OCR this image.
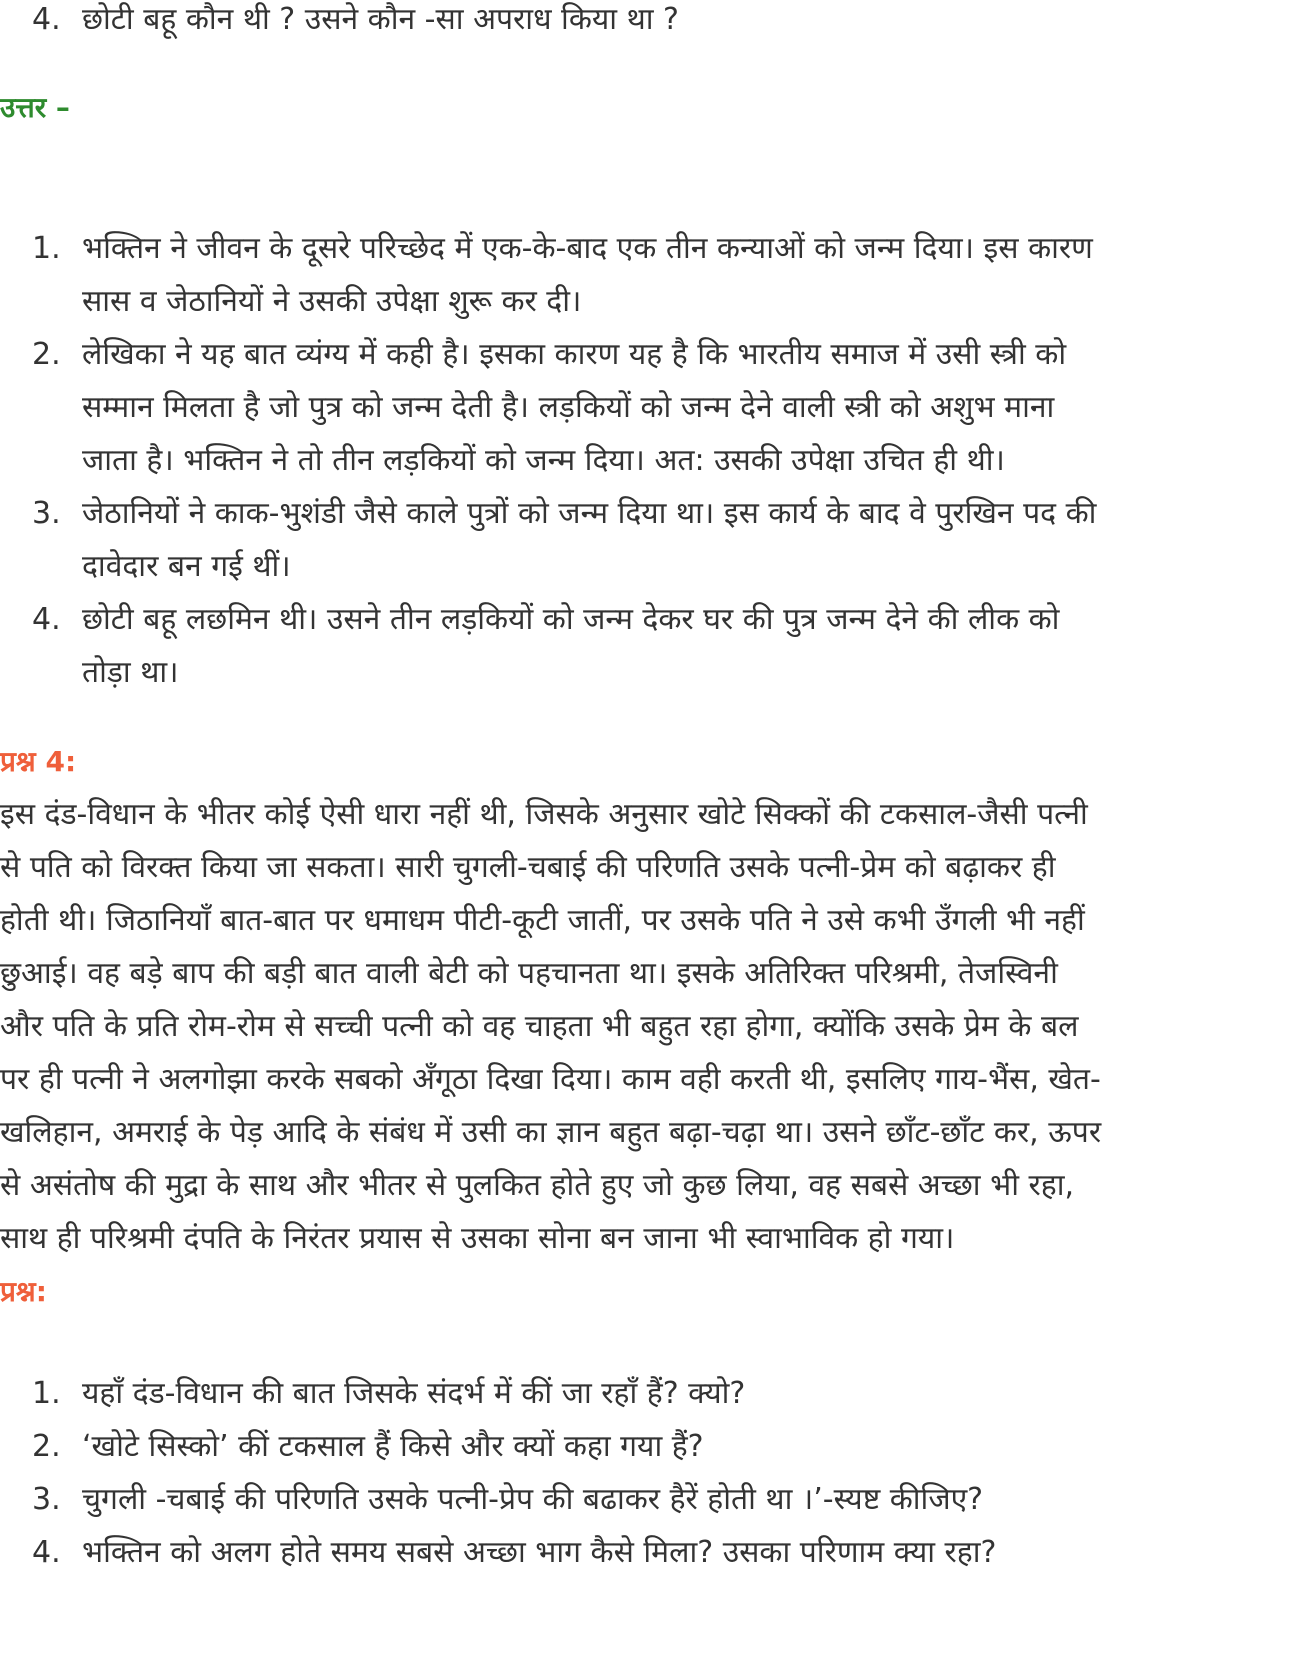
4. छोटी बहू कौन थी ? उसने कौन -सा अपराध किया था ?
उत्तर –
1. भक्तिन ने जीवन के दूसरे परिच्छेद में एक-के-बाद एक तीन कन्याओं को जन्म दिया। इस कारण
सास व जेठानियों ने उसकी उपेक्षा शुरू कर दी।
2. लेखिका ने यह बात व्यंग्य में कही है। इसका कारण यह है कि भारतीय समाज में उसी स्त्री को
सम्मान मिलता है जो पुत्र को जन्म देती है। लड़कियों को जन्म देने वाली स्त्री को अशुभ माना
जाता है। भक्तिन ने तो तीन लड़कियों को जन्म दिया। अत: उसकी उपेक्षा उचित ही थी।
3. जेठानियों ने काक-भुशंडी जैसे काले पुत्रों को जन्म दिया था। इस कार्य के बाद वे पुरखिन पद की
दावेदार बन गई थीं।
4. छोटी बहू लछमिन थी। उसने तीन लड़कियों को जन्म देकर घर की पुत्र जन्म देने की लीक को
तोड़ा था।
प्रश्न 4:
इस दंड-विधान के भीतर कोई ऐसी धारा नहीं थी, जिसके अनुसार खोटे सिक्कों की टकसाल-जैसी पत्नी
से पति को विरक्त किया जा सकता। सारी चुगली-चबाई की परिणति उसके पत्नी-प्रेम को बढ़ाकर ही
होती थी। जिठानियाँ बात-बात पर धमाधम पीटी-कूटी जातीं, पर उसके पति ने उसे कभी उँगली भी नहीं
छुआई। वह बड़े बाप की बड़ी बात वाली बेटी को पहचानता था। इसके अतिरिक्त परिश्रमी, तेजस्विनी
और पति के प्रति रोम-रोम से सच्ची पत्नी को वह चाहता भी बहुत रहा होगा, क्योंकि उसके प्रेम के बल
पर ही पत्नी ने अलगोझा करके सबको अँगूठा दिखा दिया। काम वही करती थी, इसलिए गाय-भैंस, खेत-
खलिहान, अमराई के पेड़ आदि के संबंध में उसी का ज्ञान बहुत बढ़ा-चढ़ा था। उसने छाँट-छाँट कर, ऊपर
से असंतोष की मुद्रा के साथ और भीतर से पुलकित होते हुए जो कुछ लिया, वह सबसे अच्छा भी रहा,
साथ ही परिश्रमी दंपति के निरंतर प्रयास से उसका सोना बन जाना भी स्वाभाविक हो गया।
प्रश्न:
1. यहाँ दंड-विधान की बात जिसके संदर्भ में कीं जा रहाँ हैं? क्यो?
2. ‘खोटे सिस्को’ कीं टकसाल हैं किसे और क्यों कहा गया हैं?
3. चुगली -चबाई की परिणति उसके पत्नी-प्रेप की बढाकर हैरें होती था ।’-स्यष्ट कीजिए?
4. भक्तिन को अलग होते समय सबसे अच्छा भाग कैसे मिला? उसका परिणाम क्या रहा?
